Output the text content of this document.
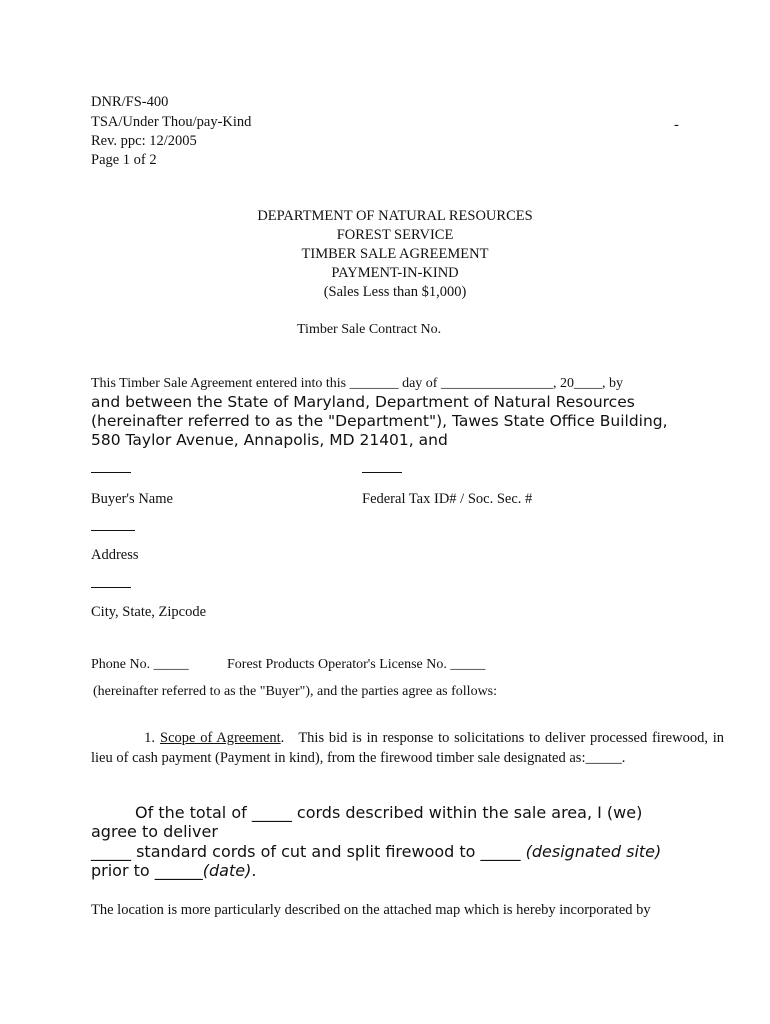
DNR/FS-400
TSA/Under Thou/pay-Kind
Rev. ppc: 12/2005
Page 1 of 2
-
DEPARTMENT OF NATURAL RESOURCES
FOREST SERVICE
TIMBER SALE AGREEMENT
PAYMENT-IN-KIND
(Sales Less than $1,000)
Timber Sale Contract No.
This Timber Sale Agreement entered into this _______ day of ________________, 20____, by
and between the State of Maryland, Department of Natural Resources
(hereinafter referred to as the "Department"), Tawes State Office Building,
580 Taylor Avenue, Annapolis, MD 21401, and
Buyer's Name	Federal Tax ID# / Soc. Sec. #
Address
City, State, Zipcode
Phone No. _____	Forest Products Operator's License No. _____
(hereinafter referred to as the "Buyer"), and the parties agree as follows:
1. Scope of Agreement.   This bid is in response to solicitations to deliver processed firewood, in lieu of cash payment (Payment in kind), from the firewood timber sale designated as:_____.
Of the total of _____ cords described within the sale area, I (we)
agree to deliver
_____ standard cords of cut and split firewood to _____ (designated site)
prior to ______(date).
The location is more particularly described on the attached map which is hereby incorporated by
